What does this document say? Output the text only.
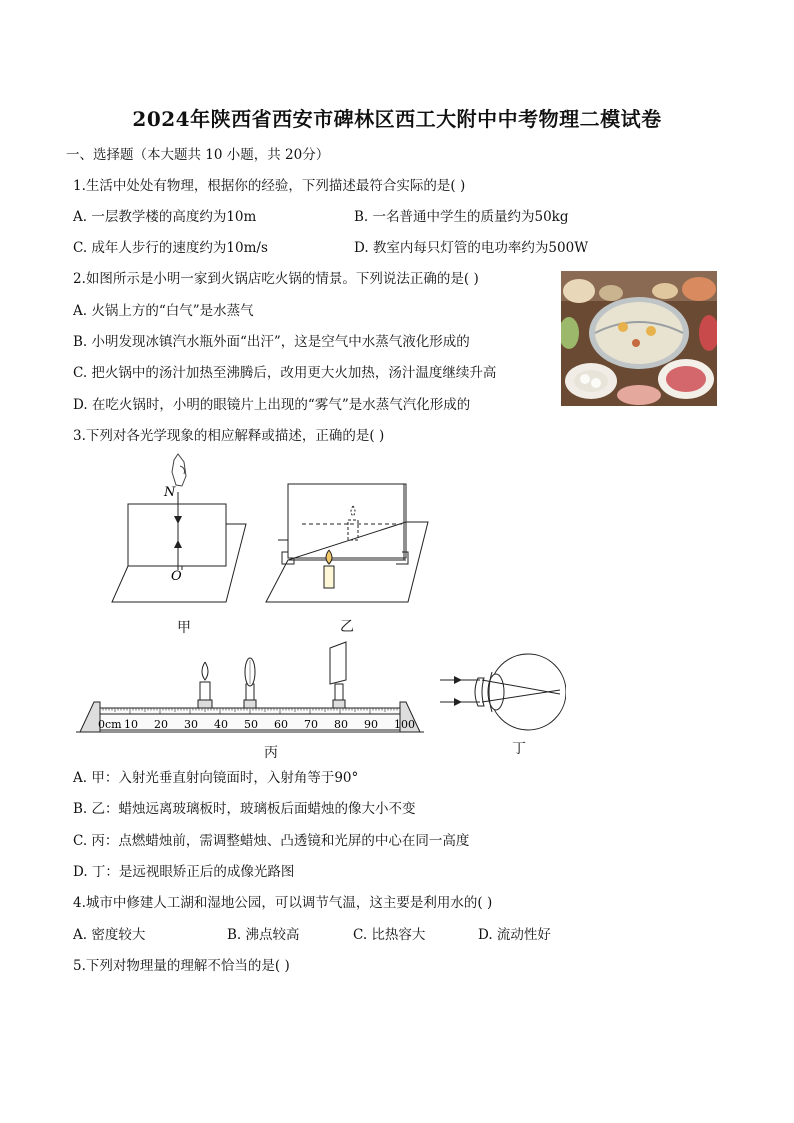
2024年陕西省西安市碑林区西工大附中中考物理二模试卷
一、选择题（本大题共 10 小题，共 20分）
1.生活中处处有物理，根据你的经验，下列描述最符合实际的是( )
A. 一层教学楼的高度约为10m	B. 一名普通中学生的质量约为50kg
C. 成年人步行的速度约为10m/s	D. 教室内每只灯管的电功率约为500W
2.如图所示是小明一家到火锅店吃火锅的情景。下列说法正确的是( )
A. 火锅上方的“白气”是水蒸气
B. 小明发现冰镇汽水瓶外面“出汗”，这是空气中水蒸气液化形成的
C. 把火锅中的汤汁加热至沸腾后，改用更大火加热，汤汁温度继续升高
D. 在吃火锅时，小明的眼镜片上出现的“雾气”是水蒸气汽化形成的
3.下列对各光学现象的相应解释或描述，正确的是( )
N
O
甲	乙
0cm 10 20 30 40 50 60 70 80 90 100
丙	丁
A. 甲：入射光垂直射向镜面时，入射角等于90°
B. 乙：蜡烛远离玻璃板时，玻璃板后面蜡烛的像大小不变
C. 丙：点燃蜡烛前，需调整蜡烛、凸透镜和光屏的中心在同一高度
D. 丁：是远视眼矫正后的成像光路图
4.城市中修建人工湖和湿地公园，可以调节气温，这主要是利用水的( )
A. 密度较大	B. 沸点较高	C. 比热容大	D. 流动性好
5.下列对物理量的理解不恰当的是( )
